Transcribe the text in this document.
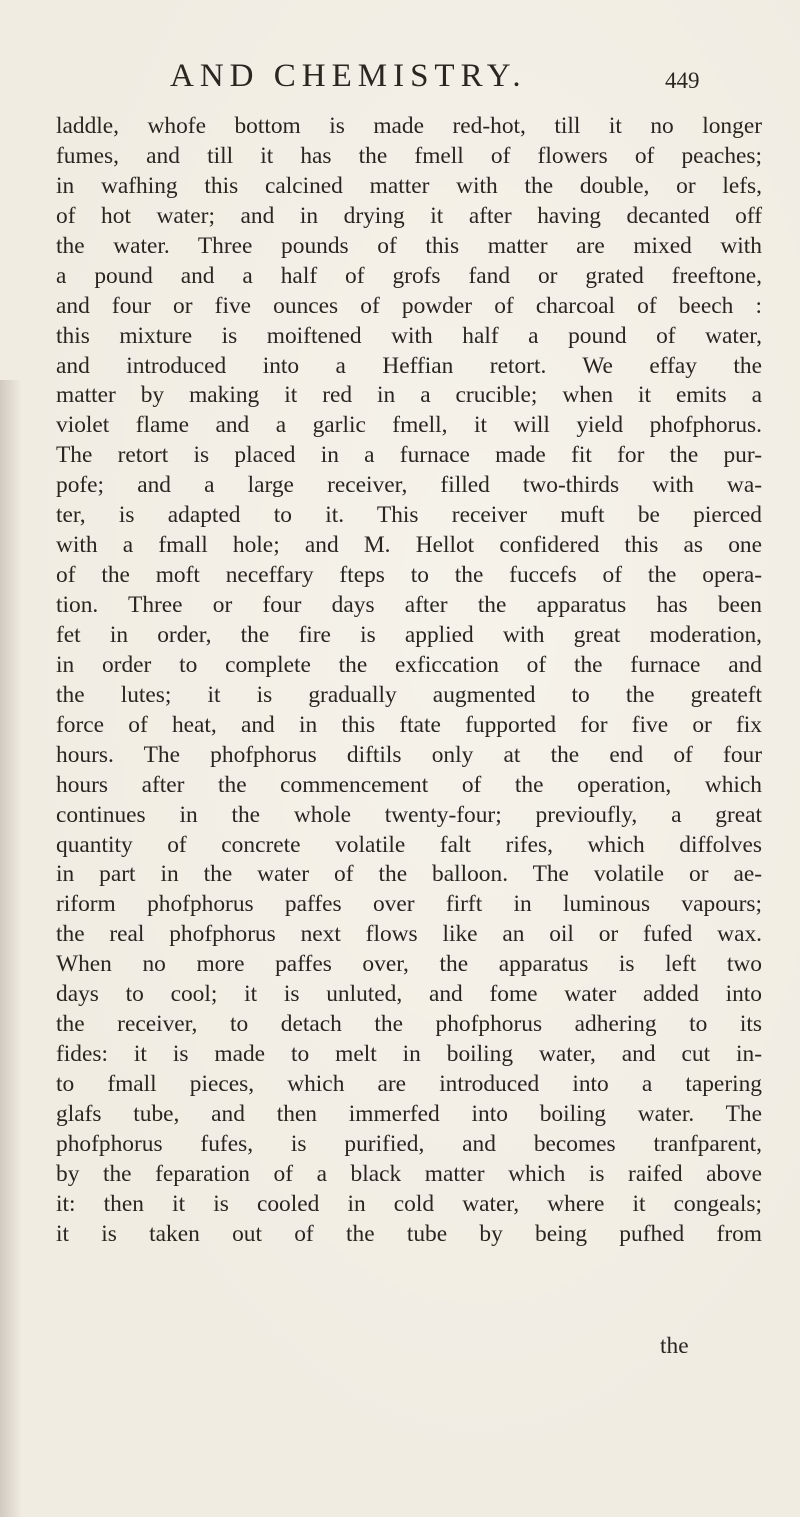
AND CHEMISTRY.	449
laddle, whofe bottom is made red-hot, till it no longer
fumes, and till it has the fmell of flowers of peaches;
in wafhing this calcined matter with the double, or lefs,
of hot water; and in drying it after having decanted off
the water. Three pounds of this matter are mixed with
a pound and a half of grofs fand or grated freeftone,
and four or five ounces of powder of charcoal of beech :
this mixture is moiftened with half a pound of water,
and introduced into a Heffian retort. We effay the
matter by making it red in a crucible; when it emits a
violet flame and a garlic fmell, it will yield phofphorus.
The retort is placed in a furnace made fit for the pur-
pofe; and a large receiver, filled two-thirds with wa-
ter, is adapted to it. This receiver muft be pierced
with a fmall hole; and M. Hellot confidered this as one
of the moft neceffary fteps to the fuccefs of the opera-
tion. Three or four days after the apparatus has been
fet in order, the fire is applied with great moderation,
in order to complete the exficcation of the furnace and
the lutes; it is gradually augmented to the greateft
force of heat, and in this ftate fupported for five or fix
hours. The phofphorus diftils only at the end of four
hours after the commencement of the operation, which
continues in the whole twenty-four; previoufly, a great
quantity of concrete volatile falt rifes, which diffolves
in part in the water of the balloon. The volatile or ae-
riform phofphorus paffes over firft in luminous vapours;
the real phofphorus next flows like an oil or fufed wax.
When no more paffes over, the apparatus is left two
days to cool; it is unluted, and fome water added into
the receiver, to detach the phofphorus adhering to its
fides: it is made to melt in boiling water, and cut in-
to fmall pieces, which are introduced into a tapering
glafs tube, and then immerfed into boiling water. The
phofphorus fufes, is purified, and becomes tranfparent,
by the feparation of a black matter which is raifed above
it: then it is cooled in cold water, where it congeals;
it is taken out of the tube by being pufhed from
the
